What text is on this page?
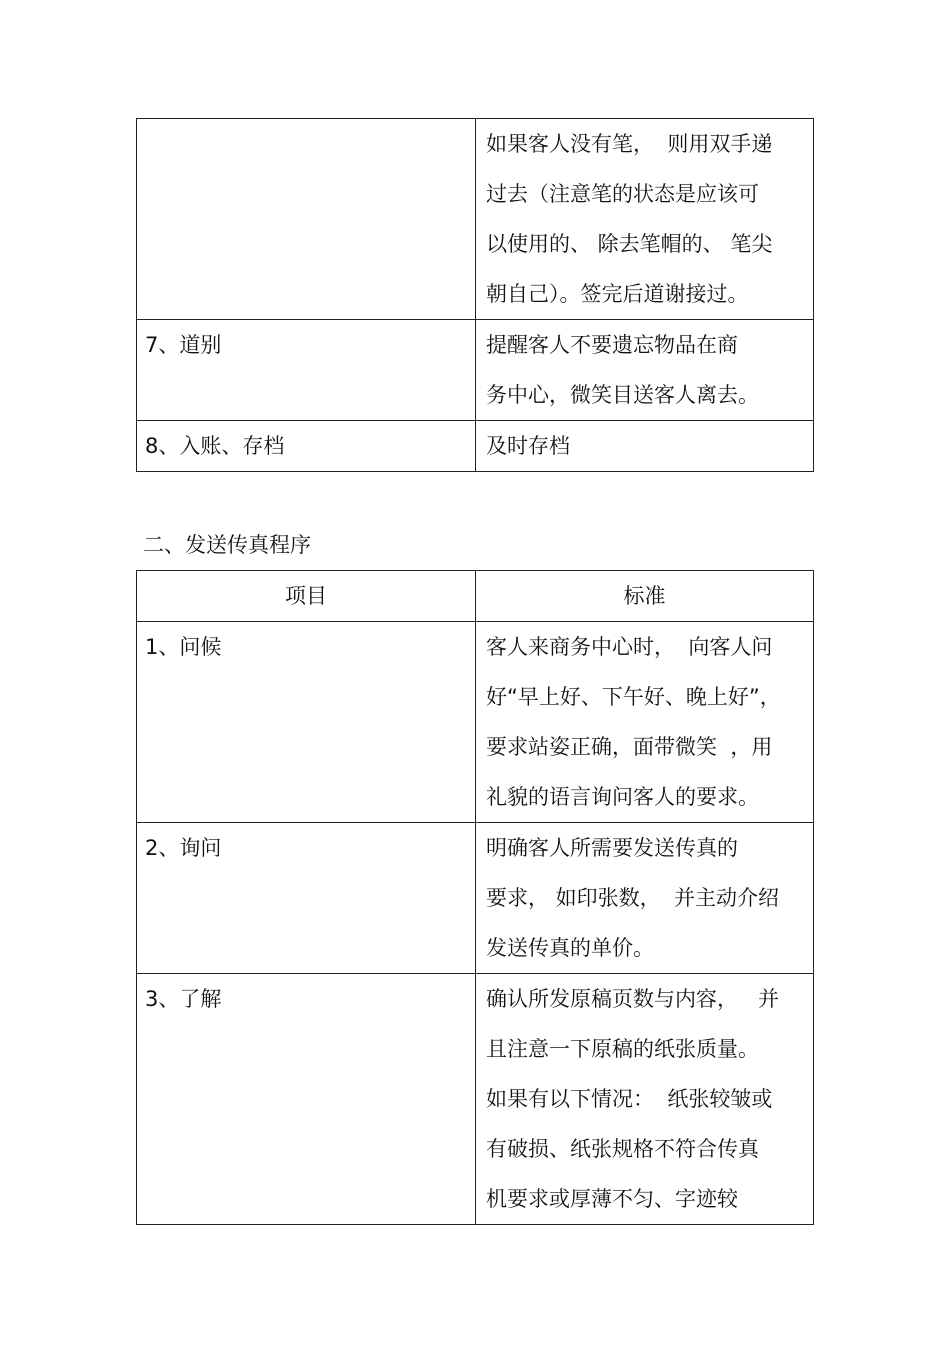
	如果客人没有笔，  则用双手递
过去（注意笔的状态是应该可
以使用的、 除去笔帽的、 笔尖
朝自己）。签完后道谢接过。

7、道别	提醒客人不要遗忘物品在商
务中心，微笑目送客人离去。

8、入账、存档	及时存档
二、发送传真程序
项目	标准

1、问候	客人来商务中心时，  向客人问
好“早上好、下午好、晚上好”，
要求站姿正确，面带微笑  ，用
礼貌的语言询问客人的要求。

2、询问	明确客人所需要发送传真的
要求， 如印张数，  并主动介绍
发送传真的单价。

3、了解	确认所发原稿页数与内容，   并
且注意一下原稿的纸张质量。
如果有以下情况：  纸张较皱或
有破损、纸张规格不符合传真
机要求或厚薄不匀、字迹较
